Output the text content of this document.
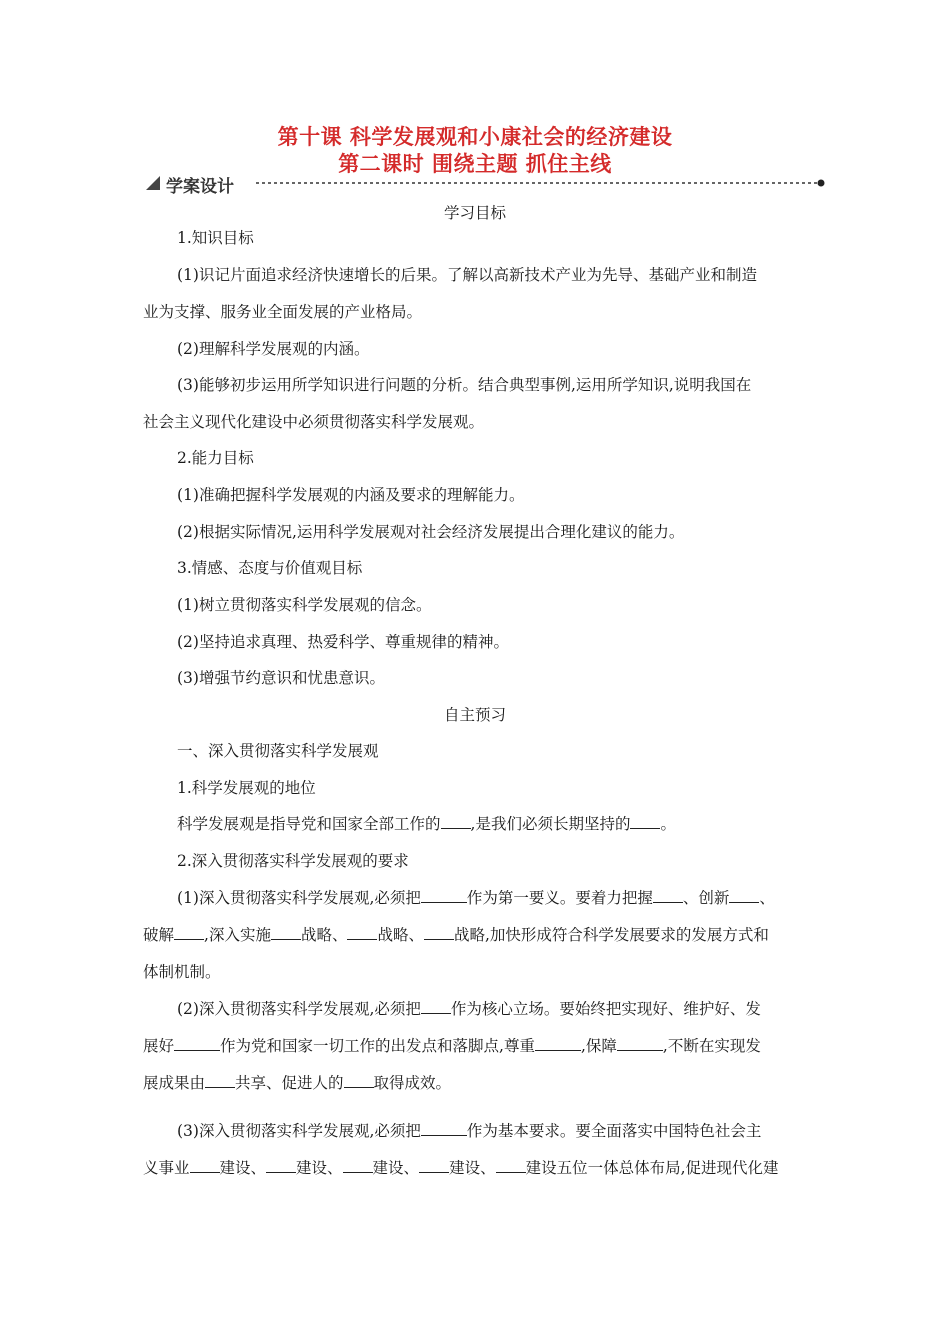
第十课 科学发展观和小康社会的经济建设
第二课时 围绕主题 抓住主线
学案设计
学习目标
1.知识目标
(1)识记片面追求经济快速增长的后果。了解以高新技术产业为先导、基础产业和制造
业为支撑、服务业全面发展的产业格局。
(2)理解科学发展观的内涵。
(3)能够初步运用所学知识进行问题的分析。结合典型事例,运用所学知识,说明我国在
社会主义现代化建设中必须贯彻落实科学发展观。
2.能力目标
(1)准确把握科学发展观的内涵及要求的理解能力。
(2)根据实际情况,运用科学发展观对社会经济发展提出合理化建议的能力。
3.情感、态度与价值观目标
(1)树立贯彻落实科学发展观的信念。
(2)坚持追求真理、热爱科学、尊重规律的精神。
(3)增强节约意识和忧患意识。
自主预习
一、深入贯彻落实科学发展观
1.科学发展观的地位
科学发展观是指导党和国家全部工作的 ,是我们必须长期坚持的 。
2.深入贯彻落实科学发展观的要求
(1)深入贯彻落实科学发展观,必须把	作为第一要义。要着力把握 、创新 、
破解 ,深入实施 战略、 战略、 战略,加快形成符合科学发展要求的发展方式和
体制机制。
(2)深入贯彻落实科学发展观,必须把 作为核心立场。要始终把实现好、维护好、发
展好	作为党和国家一切工作的出发点和落脚点,尊重	,保障	,不断在实现发
展成果由 共享、促进人的 取得成效。
(3)深入贯彻落实科学发展观,必须把	作为基本要求。要全面落实中国特色社会主
义事业 建设、 建设、 建设、 建设、 建设五位一体总体布局,促进现代化建
